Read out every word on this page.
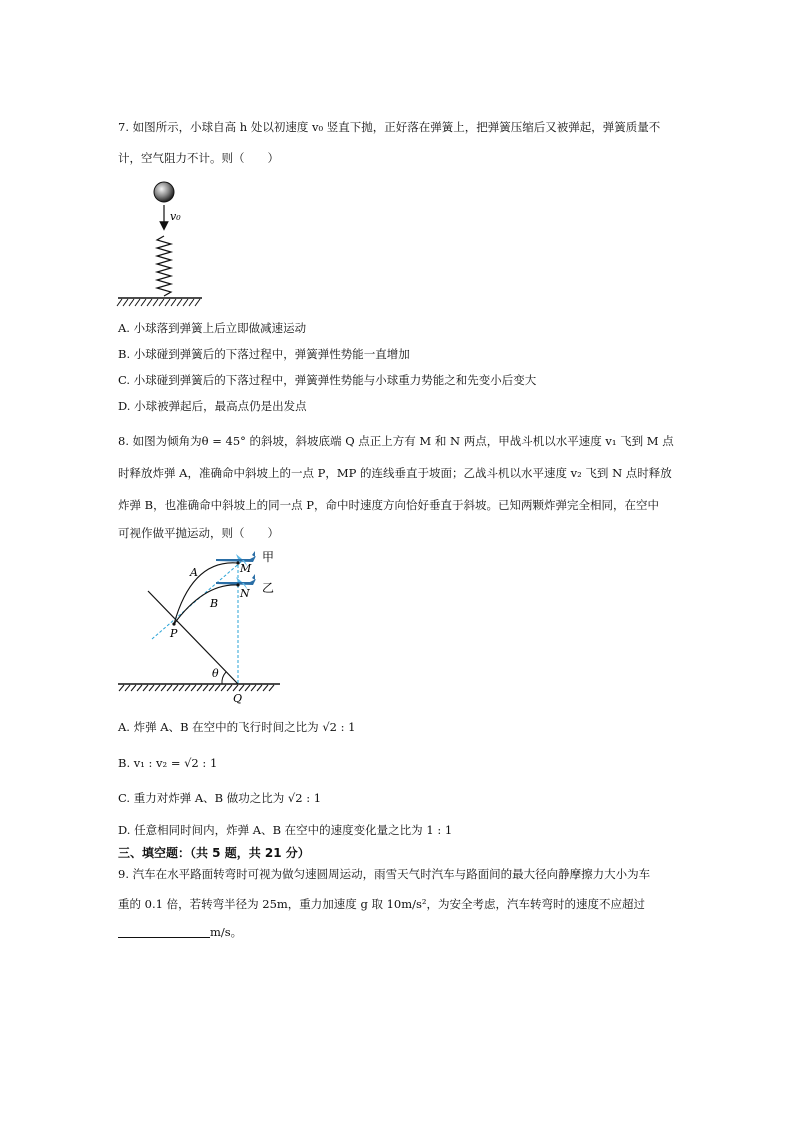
7. 如图所示，小球自高 h 处以初速度 v₀ 竖直下抛，正好落在弹簧上，把弹簧压缩后又被弹起，弹簧质量不
计，空气阻力不计。则（　　）
v₀
A. 小球落到弹簧上后立即做减速运动
B. 小球碰到弹簧后的下落过程中，弹簧弹性势能一直增加
C. 小球碰到弹簧后的下落过程中，弹簧弹性势能与小球重力势能之和先变小后变大
D. 小球被弹起后，最高点仍是出发点
8. 如图为倾角为θ = 45° 的斜坡，斜坡底端 Q 点正上方有 M 和 N 两点，甲战斗机以水平速度 v₁ 飞到 M 点
时释放炸弹 A，准确命中斜坡上的一点 P，MP 的连线垂直于坡面；乙战斗机以水平速度 v₂ 飞到 N 点时释放
炸弹 B，也准确命中斜坡上的同一点 P，命中时速度方向恰好垂直于斜坡。已知两颗炸弹完全相同，在空中
可视作做平抛运动，则（　　）
θ
甲
乙
M
N
A
B
P
Q
A. 炸弹 A、B 在空中的飞行时间之比为 √2 : 1
B. v₁ : v₂ = √2 : 1
C. 重力对炸弹 A、B 做功之比为 √2 : 1
D. 任意相同时间内，炸弹 A、B 在空中的速度变化量之比为 1 : 1
三、填空题：（共 5 题，共 21 分）
9. 汽车在水平路面转弯时可视为做匀速圆周运动，雨雪天气时汽车与路面间的最大径向静摩擦力大小为车
重的 0.1 倍，若转弯半径为 25m，重力加速度 g 取 10m/s²，为安全考虑，汽车转弯时的速度不应超过
m/s。
